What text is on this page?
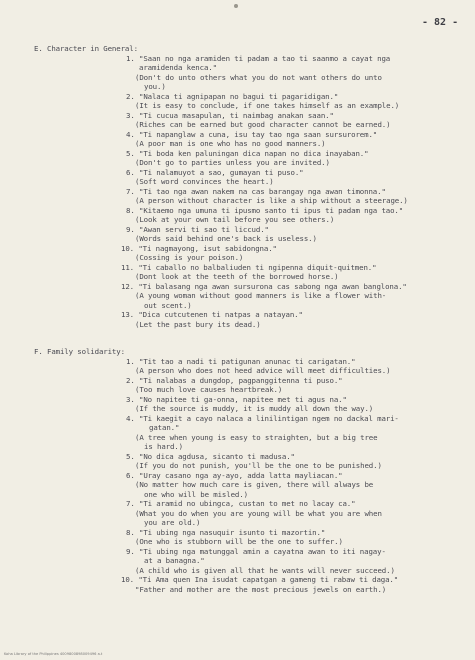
- 82 -
E. Character in General:
1. "Saan no nga aramiden ti padam a tao ti saanmo a cayat nga
aramidenda kenca."
(Don't do unto others what you do not want others do unto
you.)
2. "Nalaca ti agnipapan no bagui ti pagaridigan."
(It is easy to conclude, if one takes himself as an example.)
3. "Ti cucua masapulan, ti naimbag anakan saan."
(Riches can be earned but good character cannot be earned.)
4. "Ti napanglaw a cuna, isu tay tao nga saan sursurorem."
(A poor man is one who has no good manners.)
5. "Ti boda ken paluningan dica napan no dica inayaban."
(Don't go to parties unless you are invited.)
6. "Ti nalamuyot a sao, gumayan ti puso."
(Soft word convinces the heart.)
7. "Ti tao nga awan nakem na cas barangay nga awan timonna."
(A person without character is like a ship without a steerage.)
8. "Kitaemo nga umuna ti ipusmo santo ti ipus ti padam nga tao."
(Look at your own tail before you see others.)
9. "Awan servi ti sao ti liccud."
(Words said behind one's back is useless.)
10. "Ti nagmayong, isut sabidongna."
(Cossing is your poison.)
11. "Ti caballo no balbaliuden ti ngipenna diquit-quitmen."
(Dont look at the teeth of the borrowed horse.)
12. "Ti balasang nga awan sursurona cas sabong nga awan banglona."
(A young woman without good manners is like a flower with-
out scent.)
13. "Dica cutcutenen ti natpas a natayan."
(Let the past bury its dead.)
F. Family solidarity:
1. "Tit tao a nadi ti patigunan anunac ti carigatan."
(A person who does not heed advice will meet difficulties.)
2. "Ti nalabas a dungdop, pagpanggitenna ti puso."
(Too much love causes heartbreak.)
3. "No napitee ti ga-onna, napitee met ti agus na."
(If the source is muddy, it is muddy all down the way.)
4. "Ti kaegit a cayo nalaca a linilintigan ngem no dackal mari-
gatan."
(A tree when young is easy to straighten, but a big tree
is hard.)
5. "No dica agdusa, sicanto ti madusa."
(If you do not punish, you'll be the one to be punished.)
6. "Uray casano nga ay-ayo, adda latta mayliacan."
(No matter how much care is given, there will always be
one who will be misled.)
7. "Ti aramid no ubingca, custan to met no lacay ca."
(What you do when you are young will be what you are when
you are old.)
8. "Ti ubing nga nasuquir isunto ti mazortin."
(One who is stubborn will be the one to suffer.)
9. "Ti ubing nga matunggal amin a cayatna awan to iti nagay-
at a banagna."
(A child who is given all that he wants will never succeed.)
10. "Ti Ama quen Ina isudat capatgan a gameng ti rabaw ti daga."
"Father and mother are the most precious jewels on earth.)
Koha Library of the Philippines 4009800898009496 a.t
